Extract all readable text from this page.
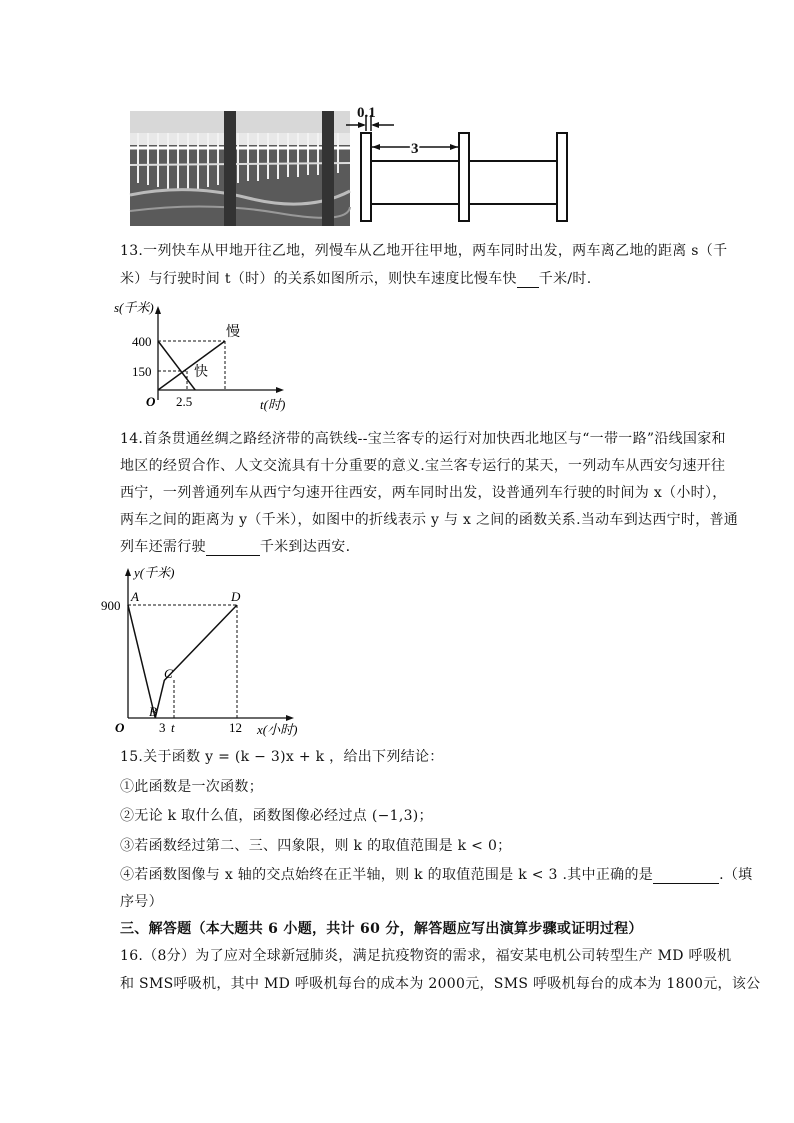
0.1
3
13.一列快车从甲地开往乙地，列慢车从乙地开往甲地，两车同时出发，两车离乙地的距离 s（千
米）与行驶时间 t（时）的关系如图所示，则快车速度比慢车快 千米/时.
s(千米)
400
150
O 2.5	t(时)
慢
快
14.首条贯通丝绸之路经济带的高铁线--宝兰客专的运行对加快西北地区与“一带一路”沿线国家和
地区的经贸合作、人文交流具有十分重要的意义.宝兰客专运行的某天，一列动车从西安匀速开往
西宁，一列普通列车从西宁匀速开往西安，两车同时出发，设普通列车行驶的时间为 x（小时），
两车之间的距离为 y（千米），如图中的折线表示 y 与 x 之间的函数关系.当动车到达西宁时，普通
列车还需行驶	千米到达西安.
y(千米)
900
A
B
C
D
O	3 t	12 x(小时)
15.关于函数 y = (k − 3)x + k ，给出下列结论：
①此函数是一次函数；
②无论 k 取什么值，函数图像必经过点 (−1,3)；
③若函数经过第二、三、四象限，则 k 的取值范围是 k < 0；
④若函数图像与 x 轴的交点始终在正半轴，则 k 的取值范围是 k < 3 .其中正确的是	.（填
序号）
三、解答题（本大题共 6 小题，共计 60 分，解答题应写出演算步骤或证明过程）
16.（8分）为了应对全球新冠肺炎，满足抗疫物资的需求，福安某电机公司转型生产 MD 呼吸机
和 SMS呼吸机，其中 MD 呼吸机每台的成本为 2000元，SMS 呼吸机每台的成本为 1800元，该公
